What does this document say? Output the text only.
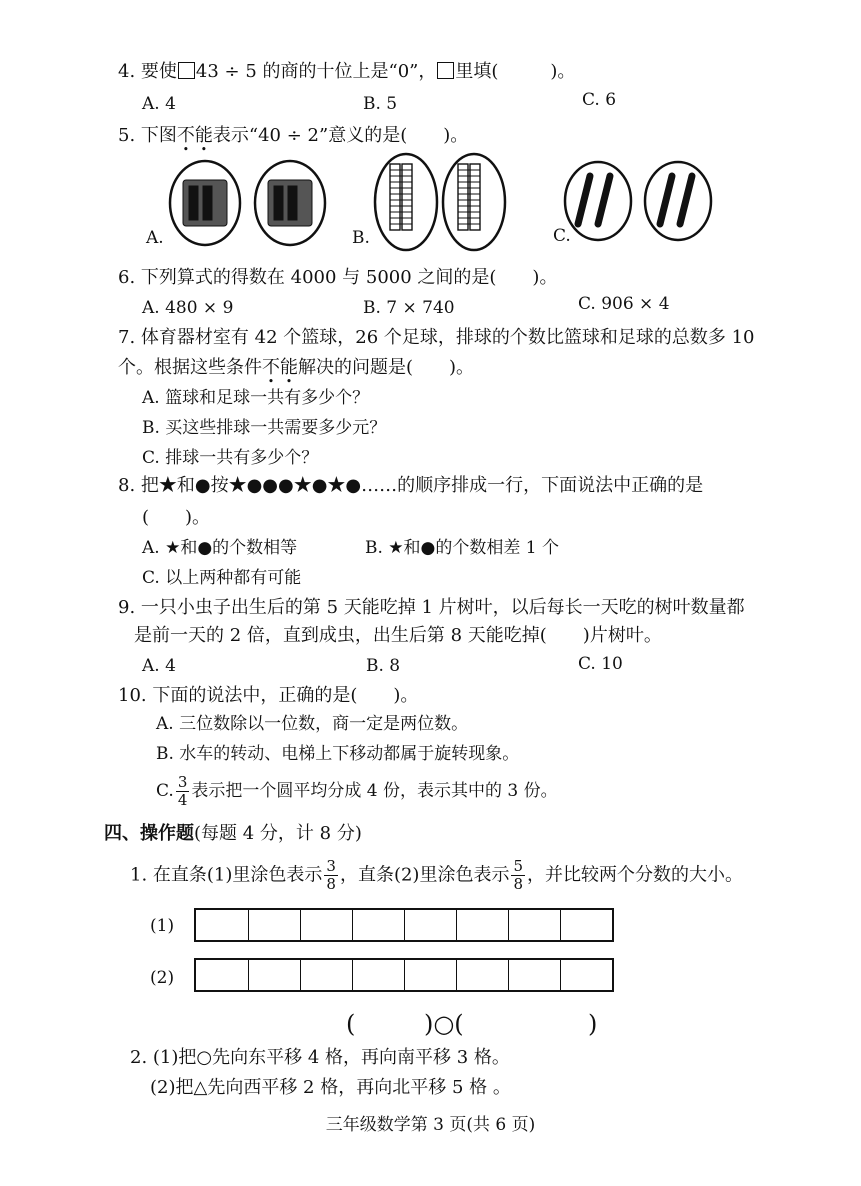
4. 要使 43 ÷ 5 的商的十位上是“0”， 里填(	)。
A. 4	B. 5	C. 6
5. 下图不能表示“40 ÷ 2”意义的是(　　)。
A.	B.	C.
6. 下列算式的得数在 4000 与 5000 之间的是(　　)。
A. 480 × 9	B. 7 × 740	C. 906 × 4
7. 体育器材室有 42 个篮球，26 个足球，排球的个数比篮球和足球的总数多 10
个。根据这些条件不能解决的问题是(　　)。
A. 篮球和足球一共有多少个？
B. 买这些排球一共需要多少元？
C. 排球一共有多少个？
8. 把★和●按★●●●★●★●……的顺序排成一行，下面说法中正确的是
(　　)。
A. ★和●的个数相等	B. ★和●的个数相差 1 个
C. 以上两种都有可能
9. 一只小虫子出生后的第 5 天能吃掉 1 片树叶，以后每长一天吃的树叶数量都
是前一天的 2 倍，直到成虫，出生后第 8 天能吃掉(　　)片树叶。
A. 4	B. 8	C. 10
10. 下面的说法中，正确的是(　　)。
A. 三位数除以一位数，商一定是两位数。
B. 水车的转动、电梯上下移动都属于旋转现象。
C. $\frac{3}{4}$ 表示把一个圆平均分成 4 份，表示其中的 3 份。
四、操作题(每题 4 分，计 8 分)
1. 在直条(1)里涂色表示 $\frac{3}{8}$ ，直条(2)里涂色表示 $\frac{5}{8}$ ，并比较两个分数的大小。
(1)
(2)
(	)○(	)
2. (1)把○先向东平移 4 格，再向南平移 3 格。
(2)把△先向西平移 2 格，再向北平移 5 格 。
三年级数学第 3 页(共 6 页)
